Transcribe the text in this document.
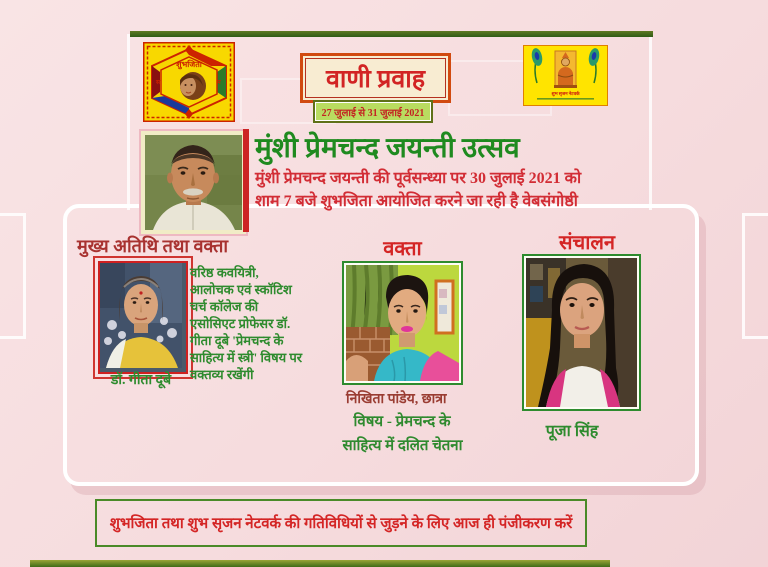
शुभजिता
स	म
शुभ सृजन नेटवर्क
वाणी प्रवाह
27 जुलाई से 31 जुलाई 2021
मुंशी प्रेमचन्द जयन्ती उत्सव
मुंशी प्रेमचन्द जयन्ती की पूर्वसन्ध्या पर 30 जुलाई 2021 को
शाम 7 बजे शुभजिता आयोजित करने जा रही है वेबसंगोष्ठी
मुख्य अतिथि तथा वक्ता
वरिष्ठ कवयित्री, आलोचक एवं स्कॉटिश चर्च कॉलेज की एसोसिएट प्रोफेसर डॉ. गीता दूबे 'प्रेमचन्द के साहित्य में स्त्री' विषय पर वक्तव्य रखेंगी
डॉ. गीता दूबे
वक्ता
निखिता पांडेय, छात्रा
विषय - प्रेमचन्द के
साहित्य में दलित चेतना
संचालन
पूजा सिंह
शुभजिता तथा शुभ सृजन नेटवर्क की गतिविधियों से जुड़ने के लिए आज ही पंजीकरण करें
